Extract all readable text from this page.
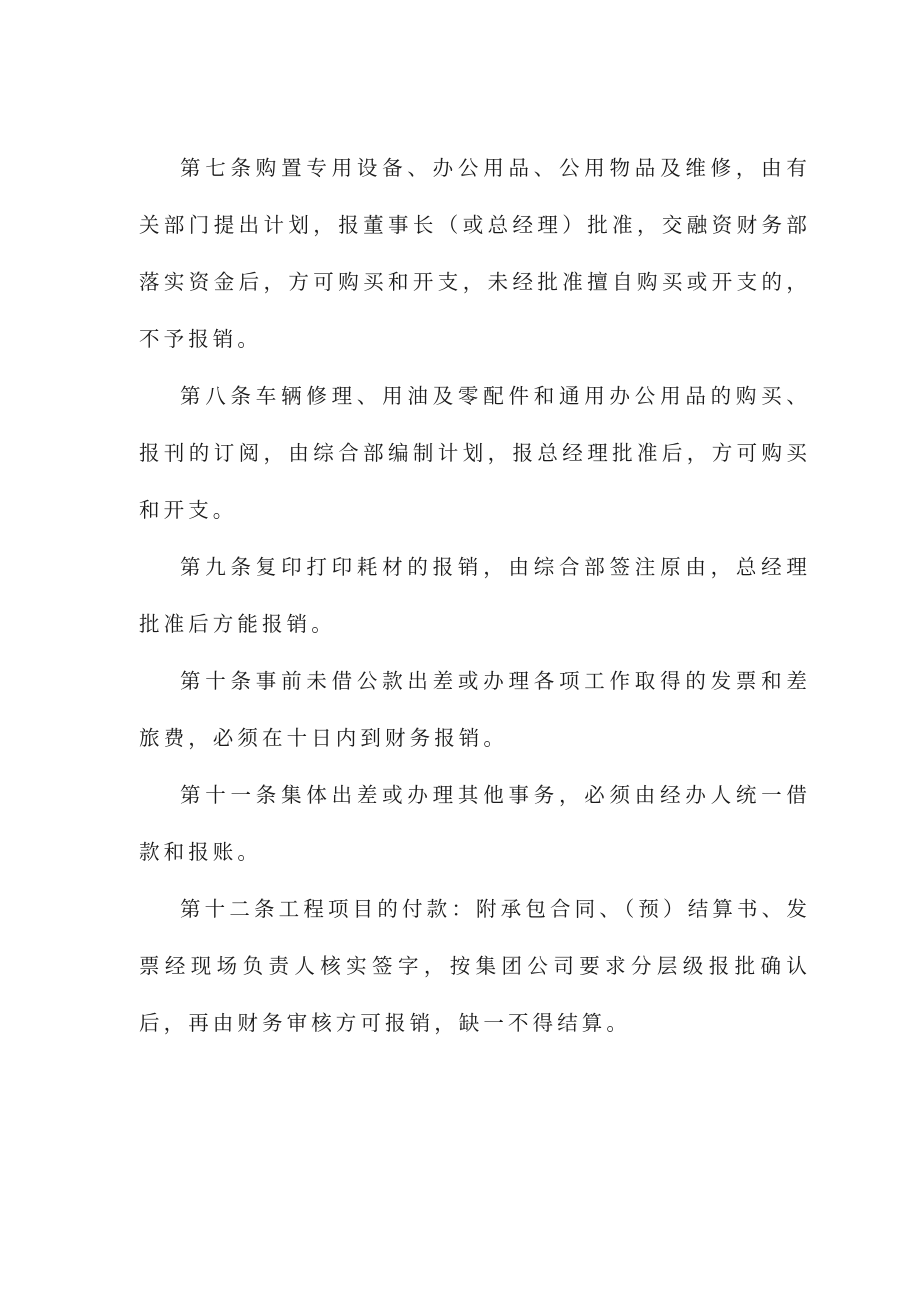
第七条购置专用设备、办公用品、公用物品及维修，由有关部门提出计划，报董事长（或总经理）批准，交融资财务部落实资金后，方可购买和开支，未经批准擅自购买或开支的，不予报销。

第八条车辆修理、用油及零配件和通用办公用品的购买、报刊的订阅，由综合部编制计划，报总经理批准后，方可购买和开支。

第九条复印打印耗材的报销，由综合部签注原由，总经理批准后方能报销。

第十条事前未借公款出差或办理各项工作取得的发票和差旅费，必须在十日内到财务报销。

第十一条集体出差或办理其他事务，必须由经办人统一借款和报账。

第十二条工程项目的付款：附承包合同、（预）结算书、发票经现场负责人核实签字，按集团公司要求分层级报批确认后，再由财务审核方可报销，缺一不得结算。
